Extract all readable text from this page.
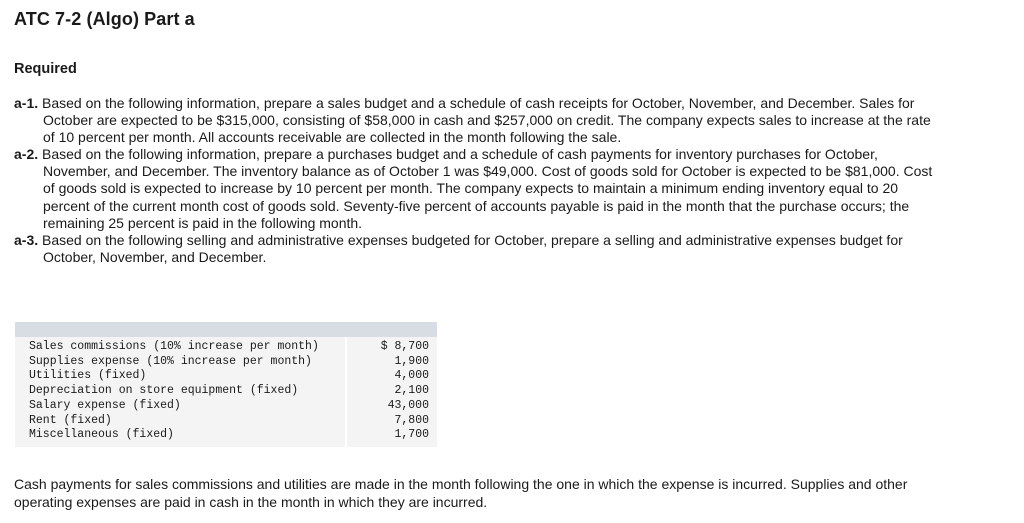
ATC 7-2 (Algo) Part a
Required

a-1. Based on the following information, prepare a sales budget and a schedule of cash receipts for October, November, and December. Sales for October are expected to be $315,000, consisting of $58,000 in cash and $257,000 on credit. The company expects sales to increase at the rate of 10 percent per month. All accounts receivable are collected in the month following the sale.

a-2. Based on the following information, prepare a purchases budget and a schedule of cash payments for inventory purchases for October, November, and December. The inventory balance as of October 1 was $49,000. Cost of goods sold for October is expected to be $81,000. Cost of goods sold is expected to increase by 10 percent per month. The company expects to maintain a minimum ending inventory equal to 20 percent of the current month cost of goods sold. Seventy-five percent of accounts payable is paid in the month that the purchase occurs; the remaining 25 percent is paid in the following month.

a-3. Based on the following selling and administrative expenses budgeted for October, prepare a selling and administrative expenses budget for October, November, and December.

Sales commissions (10% increase per month)	$ 8,700
Supplies expense (10% increase per month)	1,900
Utilities (fixed)	4,000
Depreciation on store equipment (fixed)	2,100
Salary expense (fixed)	43,000
Rent (fixed)	7,800
Miscellaneous (fixed)	1,700

Cash payments for sales commissions and utilities are made in the month following the one in which the expense is incurred. Supplies and other operating expenses are paid in cash in the month in which they are incurred.
